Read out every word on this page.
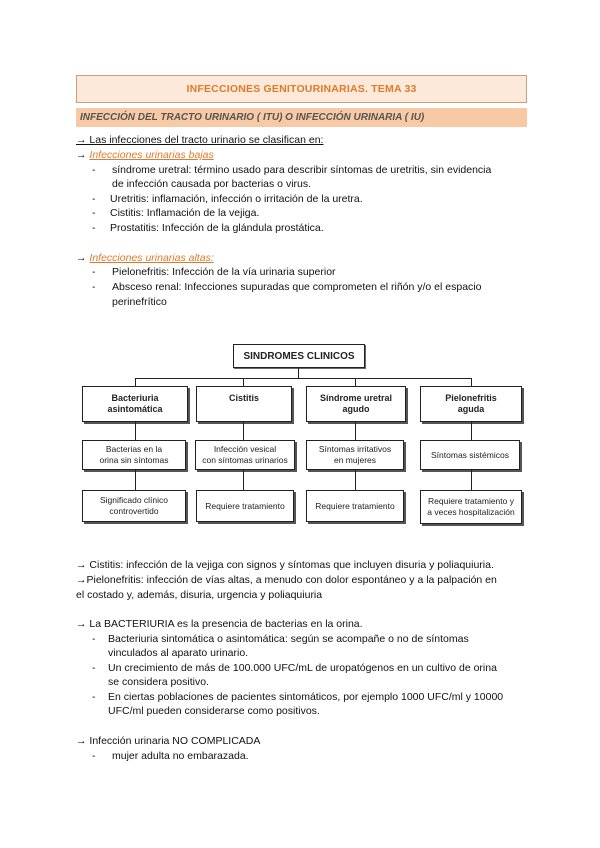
INFECCIONES GENITOURINARIAS. TEMA 33
INFECCIÓN DEL TRACTO URINARIO ( ITU) O INFECCIÓN URINARIA ( IU)
→ Las infecciones del tracto urinario se clasifican en:
→ Infecciones urinarias bajas
- síndrome uretral: término usado para describir síntomas de uretritis, sin evidencia
de infección causada por bacterias o virus.
- Uretritis: inflamación, infección o irritación de la uretra.
- Cistitis: Inflamación de la vejiga.
- Prostatitis: Infección de la glándula prostática.
→ Infecciones urinarias altas:
- Pielonefritis: Infección de la vía urinaria superior
- Absceso renal: Infecciones supuradas que comprometen el riñón y/o el espacio
perinefrítico
SINDROMES CLINICOS
Bacteriuria
asintomática
Bacterias en la
orina sin síntomas
Significado clínico
controvertido
Cistitis
Infección vesical
con síntomas urinarios
Requiere tratamiento
Síndrome uretral
agudo
Síntomas irritativos
en mujeres
Requiere tratamiento
Pielonefritis
aguda
Síntomas sistémicos
Requiere tratamiento y
a veces hospitalización
→ Cistitis: infección de la vejiga con signos y síntomas que incluyen disuria y poliaquiuria.
→Pielonefritis: infección de vías altas, a menudo con dolor espontáneo y a la palpación en
el costado y, además, disuria, urgencia y poliaquiuria
→ La BACTERIURIA es la presencia de bacterias en la orina.
- Bacteriuria sintomática o asintomática: según se acompañe o no de síntomas
vinculados al aparato urinario.
- Un crecimiento de más de 100.000 UFC/mL de uropatógenos en un cultivo de orina
se considera positivo.
- En ciertas poblaciones de pacientes sintomáticos, por ejemplo 1000 UFC/ml y 10000
UFC/ml pueden considerarse como positivos.
→ Infección urinaria NO COMPLICADA
- mujer adulta no embarazada.
